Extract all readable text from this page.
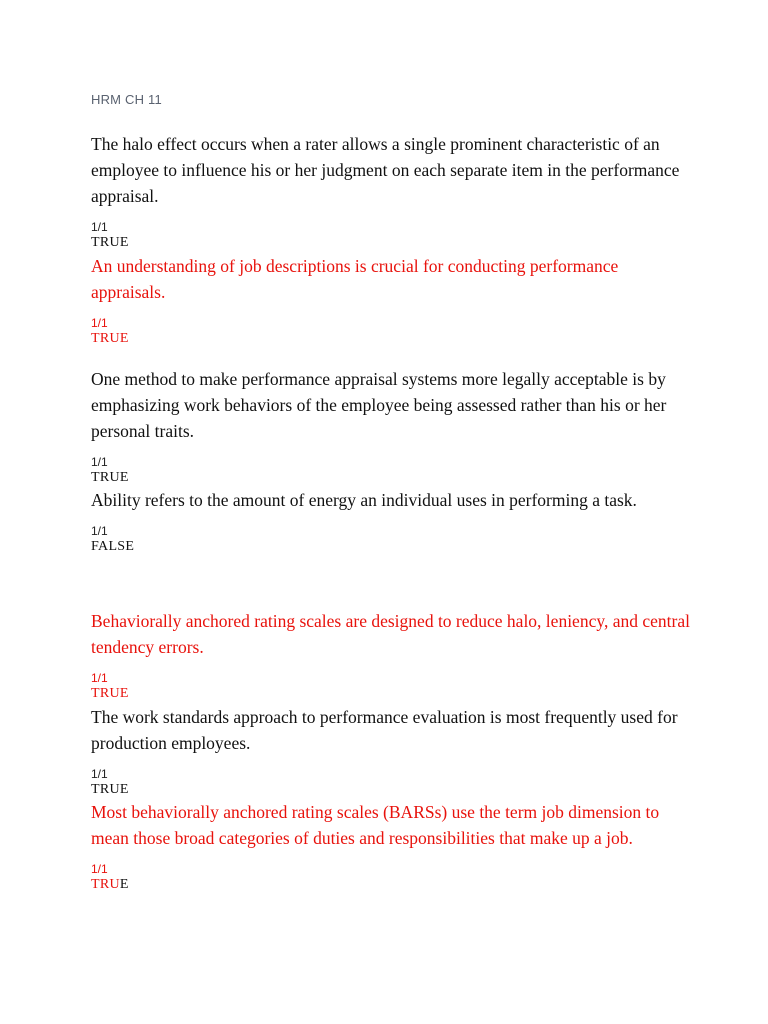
HRM CH 11

The halo effect occurs when a rater allows a single prominent characteristic of an employee to influence his or her judgment on each separate item in the performance appraisal.

1/1
TRUE

An understanding of job descriptions is crucial for conducting performance appraisals.

1/1
TRUE

One method to make performance appraisal systems more legally acceptable is by emphasizing work behaviors of the employee being assessed rather than his or her personal traits.

1/1
TRUE

Ability refers to the amount of energy an individual uses in performing a task.

1/1
FALSE

Behaviorally anchored rating scales are designed to reduce halo, leniency, and central tendency errors.

1/1
TRUE

The work standards approach to performance evaluation is most frequently used for production employees.

1/1
TRUE

Most behaviorally anchored rating scales (BARSs) use the term job dimension to mean those broad categories of duties and responsibilities that make up a job.

1/1
TRUE
